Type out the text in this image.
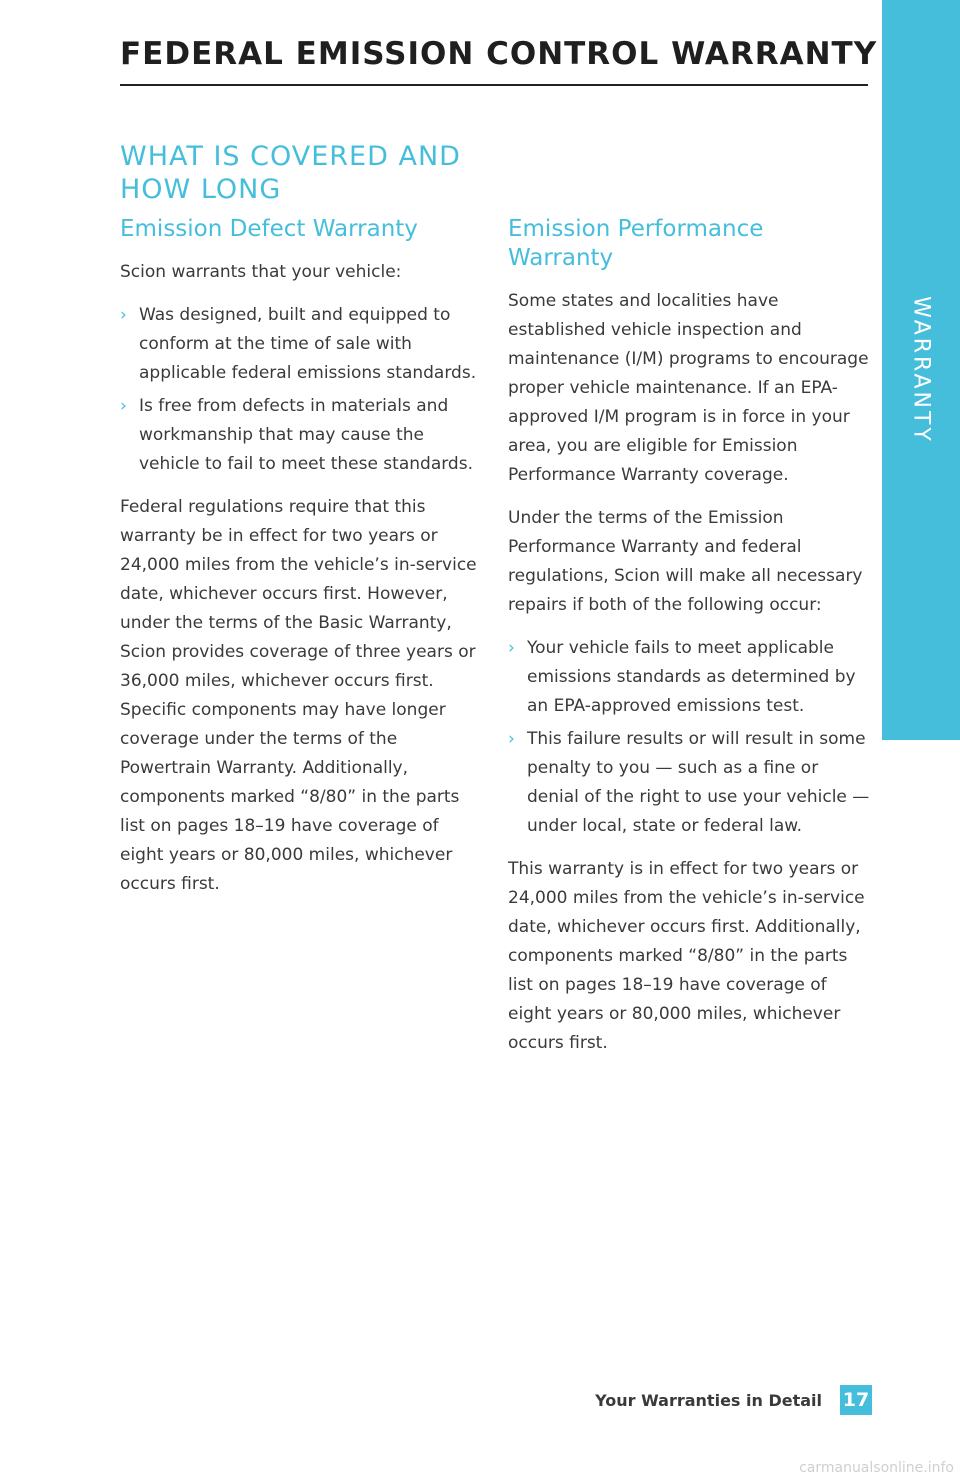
WARRANTY
FEDERAL EMISSION CONTROL WARRANTY
WHAT IS COVERED AND HOW LONG
Emission Defect Warranty

Scion warrants that your vehicle:

› Was designed, built and equipped to conform at the time of sale with applicable federal emissions standards.
› Is free from defects in materials and workmanship that may cause the vehicle to fail to meet these standards.

Federal regulations require that this warranty be in effect for two years or 24,000 miles from the vehicle’s in-service date, whichever occurs first. However, under the terms of the Basic Warranty, Scion provides coverage of three years or 36,000 miles, whichever occurs first. Specific components may have longer coverage under the terms of the Powertrain Warranty. Additionally, components marked “8/80” in the parts list on pages 18–19 have coverage of eight years or 80,000 miles, whichever occurs first.

Emission Performance Warranty

Some states and localities have established vehicle inspection and maintenance (I/M) programs to encourage proper vehicle maintenance. If an EPA-approved I/M program is in force in your area, you are eligible for Emission Performance Warranty coverage.

Under the terms of the Emission Performance Warranty and federal regulations, Scion will make all necessary repairs if both of the following occur:

› Your vehicle fails to meet applicable emissions standards as determined by an EPA-approved emissions test.
› This failure results or will result in some penalty to you — such as a fine or denial of the right to use your vehicle — under local, state or federal law.

This warranty is in effect for two years or 24,000 miles from the vehicle’s in-service date, whichever occurs first. Additionally, components marked “8/80” in the parts list on pages 18–19 have coverage of eight years or 80,000 miles, whichever occurs first.

Your Warranties in Detail 17
carmanualsonline.info
